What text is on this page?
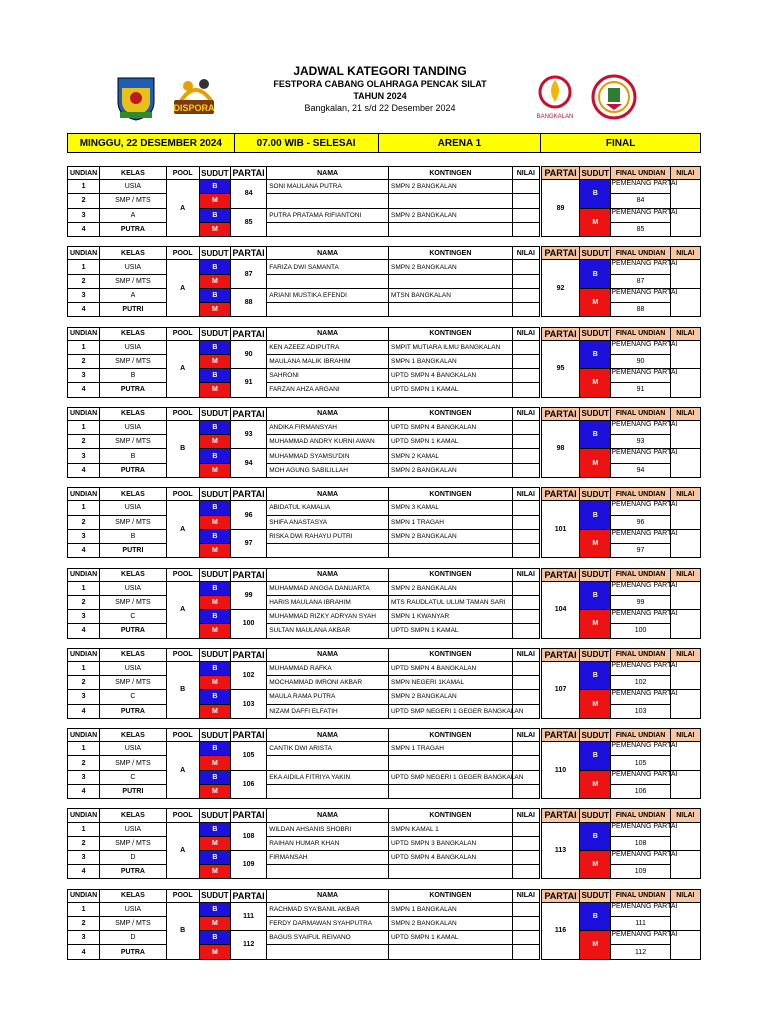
DISPORA
BANGKALAN
JADWAL KATEGORI TANDING
FESTPORA CABANG OLAHRAGA PENCAK SILAT
TAHUN 2024
Bangkalan, 21 s/d 22 Desember 2024
MINGGU, 22 DESEMBER 2024	07.00 WIB - SELESAI	ARENA 1	FINAL
UNDIAN	KELAS	POOL	SUDUT	PARTAI	NAMA	KONTINGEN	NILAI		PARTAI	SUDUT	FINAL UNDIAN	NILAI
1	USIA	A	B	84	SONI MAULANA PUTRA	SMPN 2 BANGKALAN			89	B	PEMENANG PARTAI	
2	SMP / MTS		M								84	
3	A		B	85	PUTRA PRATAMA RIFIANTONI	SMPN 2 BANGKALAN				M	PEMENANG PARTAI	
4	PUTRA		M								85	
UNDIAN	KELAS	POOL	SUDUT	PARTAI	NAMA	KONTINGEN	NILAI		PARTAI	SUDUT	FINAL UNDIAN	NILAI
1	USIA	A	B	87	FARIZA DWI SAMANTA	SMPN 2 BANGKALAN			92	B	PEMENANG PARTAI	
2	SMP / MTS		M								87	
3	A		B	88	ARIANI MUSTIKA EFENDI	MTSN BANGKALAN				M	PEMENANG PARTAI	
4	PUTRI		M								88	
UNDIAN	KELAS	POOL	SUDUT	PARTAI	NAMA	KONTINGEN	NILAI		PARTAI	SUDUT	FINAL UNDIAN	NILAI
1	USIA	A	B	90	KEN AZEEZ ADIPUTRA	SMPIT MUTIARA ILMU BANGKALAN			95	B	PEMENANG PARTAI	
2	SMP / MTS		M		MAULANA MALIK IBRAHIM	SMPN 1 BANGKALAN					90	
3	B		B	91	SAHRONI	UPTD SMPN 4 BANGKALAN				M	PEMENANG PARTAI	
4	PUTRA		M		FARZAN AHZA ARGANI	UPTD SMPN 1 KAMAL					91	
UNDIAN	KELAS	POOL	SUDUT	PARTAI	NAMA	KONTINGEN	NILAI		PARTAI	SUDUT	FINAL UNDIAN	NILAI
1	USIA	B	B	93	ANDIKA FIRMANSYAH	UPTD SMPN 4 BANGKALAN			98	B	PEMENANG PARTAI	
2	SMP / MTS		M		MUHAMMAD ANDRY KURNI AWAN	UPTD SMPN 1 KAMAL					93	
3	B		B	94	MUHAMMAD SYAMSU'DIN	SMPN 2 KAMAL				M	PEMENANG PARTAI	
4	PUTRA		M		MOH AGUNG SABILILLAH	SMPN 2 BANGKALAN					94	
UNDIAN	KELAS	POOL	SUDUT	PARTAI	NAMA	KONTINGEN	NILAI		PARTAI	SUDUT	FINAL UNDIAN	NILAI
1	USIA	A	B	96	ABIDATUL KAMALIA	SMPN 3 KAMAL			101	B	PEMENANG PARTAI	
2	SMP / MTS		M		SHIFA ANASTASYA	SMPN 1 TRAGAH					96	
3	B		B	97	RISKA DWI RAHAYU PUTRI	SMPN 2 BANGKALAN				M	PEMENANG PARTAI	
4	PUTRI		M								97	
UNDIAN	KELAS	POOL	SUDUT	PARTAI	NAMA	KONTINGEN	NILAI		PARTAI	SUDUT	FINAL UNDIAN	NILAI
1	USIA	A	B	99	MUHAMMAD ANGGA DANUARTA	SMPN 2 BANGKALAN			104	B	PEMENANG PARTAI	
2	SMP / MTS		M		HARIS MAULANA IBRAHIM	MTS RAUDLATUL ULUM TAMAN SARI					99	
3	C		B	100	MUHAMMAD RIZKY ADRYAN SYAH	SMPN 1 KWANYAR				M	PEMENANG PARTAI	
4	PUTRA		M		SULTAN MAULANA AKBAR	UPTD SMPN 1 KAMAL					100	
UNDIAN	KELAS	POOL	SUDUT	PARTAI	NAMA	KONTINGEN	NILAI		PARTAI	SUDUT	FINAL UNDIAN	NILAI
1	USIA	B	B	102	MUHAMMAD RAFKA	UPTD SMPN 4 BANGKALAN			107	B	PEMENANG PARTAI	
2	SMP / MTS		M		MOCHAMMAD IMRONI AKBAR	SMPN NEGERI 1KAMAL					102	
3	C		B	103	MAULA RAMA PUTRA	SMPN 2 BANGKALAN				M	PEMENANG PARTAI	
4	PUTRA		M		NIZAM DAFFI ELFATIH	UPTD SMP NEGERI 1 GEGER BANGKALAN					103	
UNDIAN	KELAS	POOL	SUDUT	PARTAI	NAMA	KONTINGEN	NILAI		PARTAI	SUDUT	FINAL UNDIAN	NILAI
1	USIA	A	B	105	CANTIK DWI ARISTA	SMPN 1 TRAGAH			110	B	PEMENANG PARTAI	
2	SMP / MTS		M								105	
3	C		B	106	EKA AIDILA FITRIYA YAKIN	UPTD SMP NEGERI 1 GEGER BANGKALAN				M	PEMENANG PARTAI	
4	PUTRI		M								106	
UNDIAN	KELAS	POOL	SUDUT	PARTAI	NAMA	KONTINGEN	NILAI		PARTAI	SUDUT	FINAL UNDIAN	NILAI
1	USIA	A	B	108	WILDAN AHSANIS SHOBRI	SMPN KAMAL 1			113	B	PEMENANG PARTAI	
2	SMP / MTS		M		RAIHAN HUMAR KHAN	UPTD SMPN 3 BANGKALAN					108	
3	D		B	109	FIRMANSAH	UPTD SMPN 4 BANGKALAN				M	PEMENANG PARTAI	
4	PUTRA		M								109	
UNDIAN	KELAS	POOL	SUDUT	PARTAI	NAMA	KONTINGEN	NILAI		PARTAI	SUDUT	FINAL UNDIAN	NILAI
1	USIA	B	B	111	RACHMAD SYA'BANIL AKBAR	SMPN 1 BANGKALAN			116	B	PEMENANG PARTAI	
2	SMP / MTS		M		FERDY DARMAWAN SYAHPUTRA	SMPN 2 BANGKALAN					111	
3	D		B	112	BAGUS SYAIFUL REIVANO	UPTD SMPN 1 KAMAL				M	PEMENANG PARTAI	
4	PUTRA		M								112	
